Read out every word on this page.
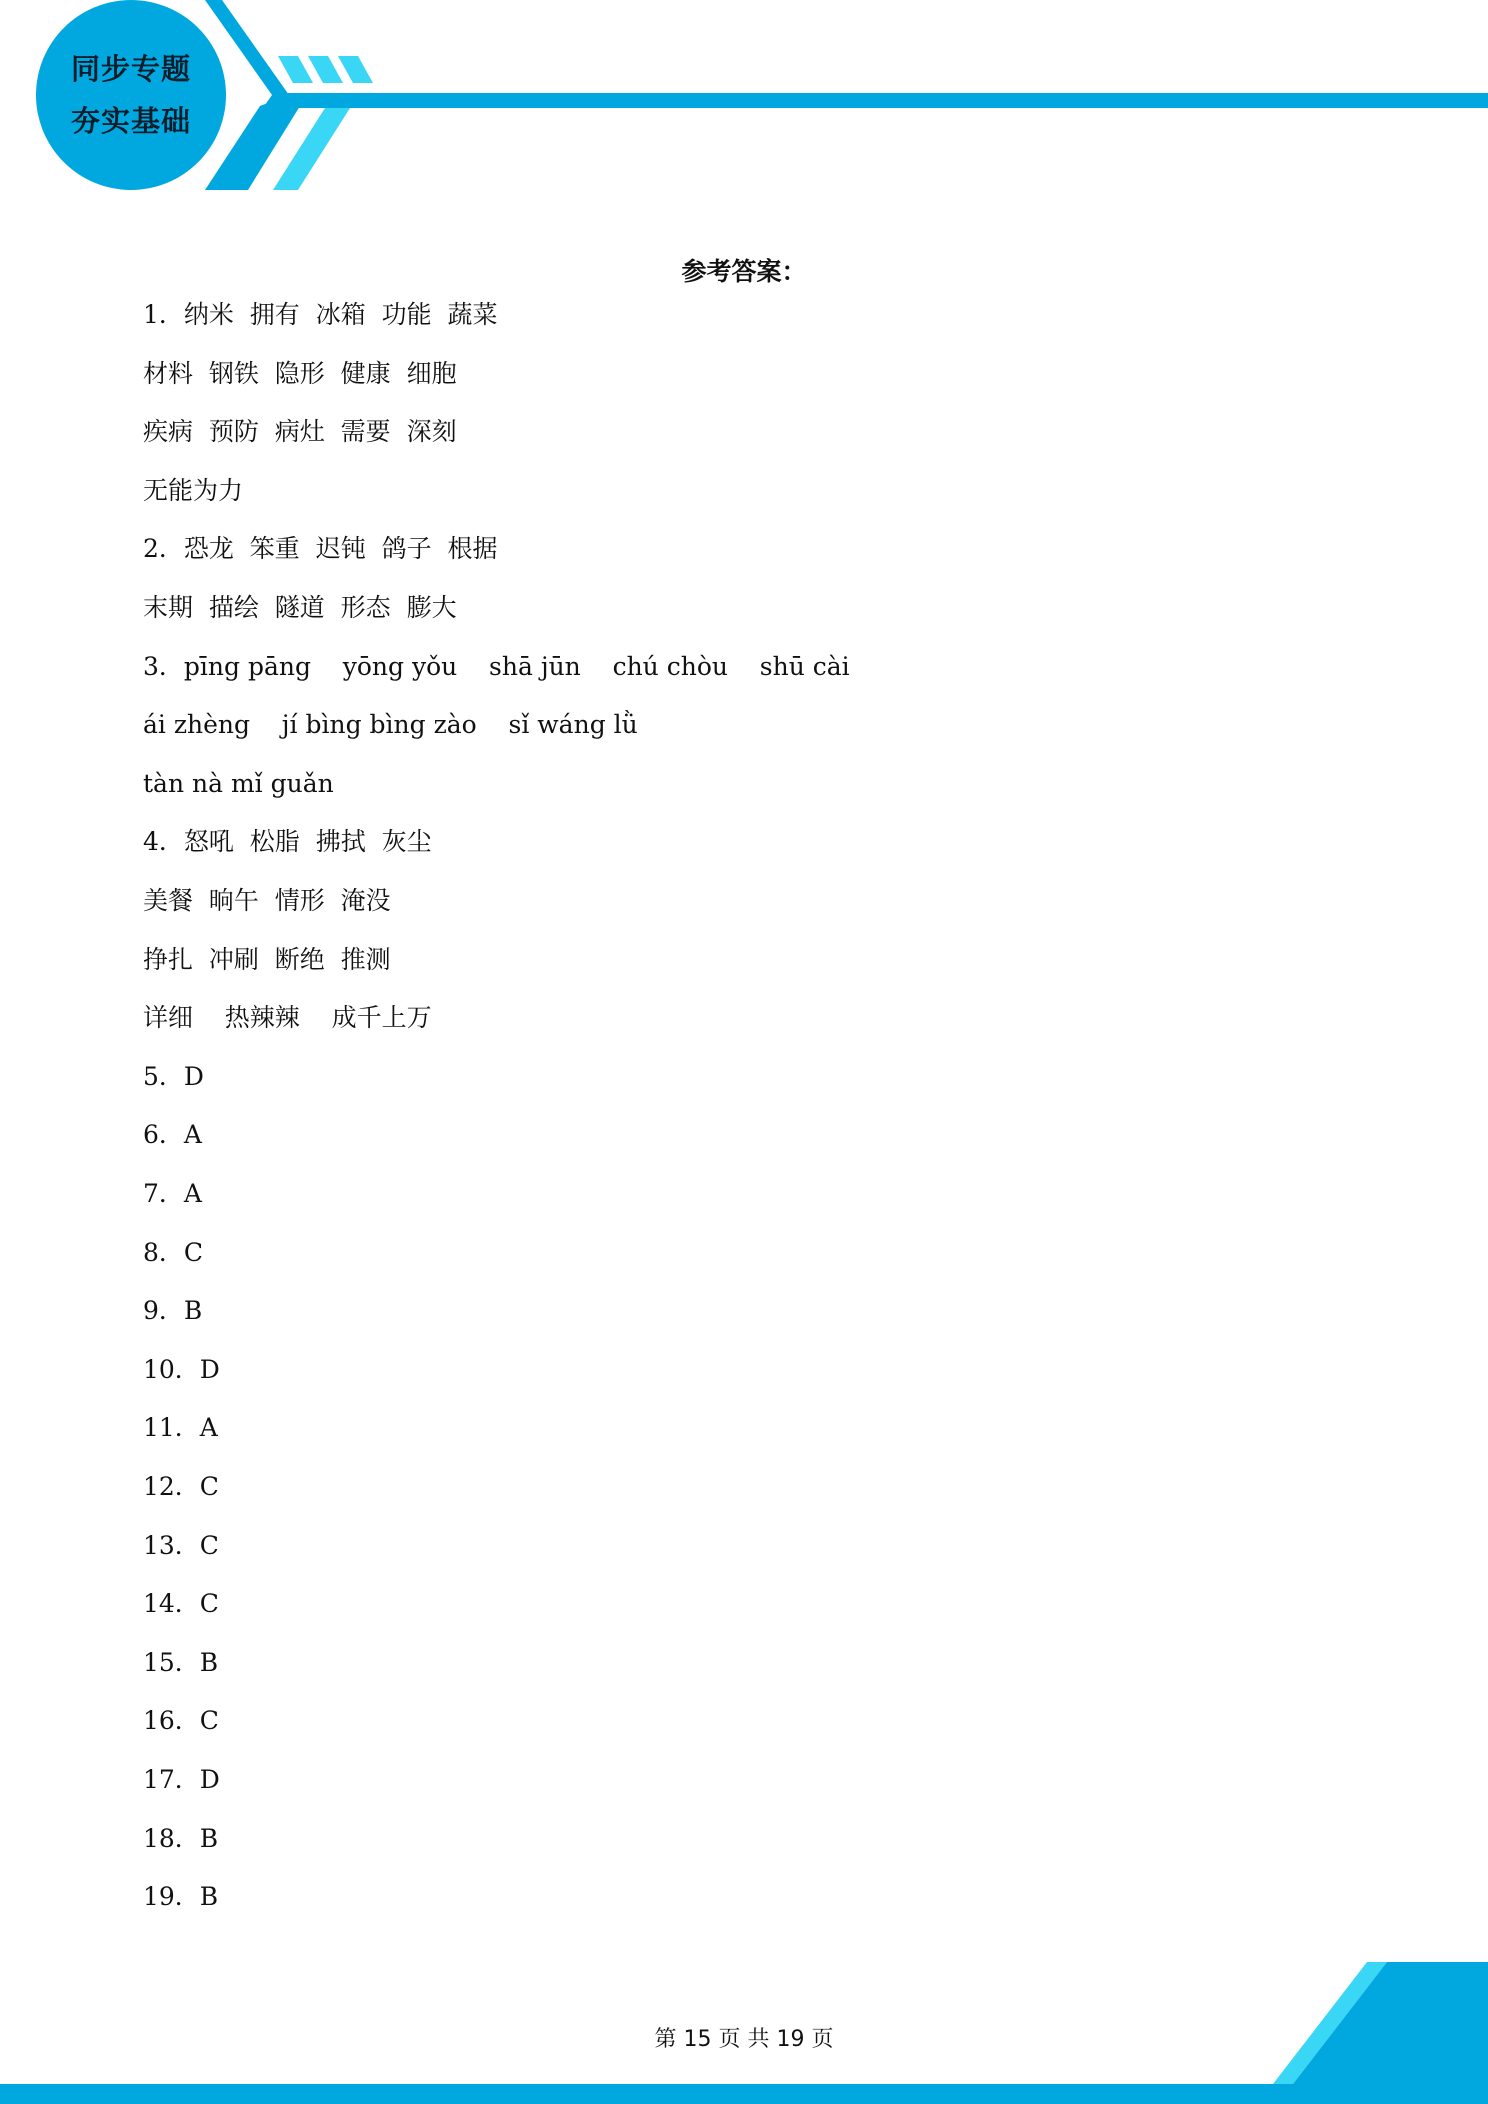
同步专题
夯实基础
参考答案：
1．纳米  拥有  冰箱  功能  蔬菜
材料  钢铁  隐形  健康  细胞
疾病  预防  病灶  需要  深刻
无能为力
2．恐龙  笨重  迟钝  鸽子  根据
末期  描绘  隧道  形态  膨大
3．pīng pāng    yōng yǒu    shā jūn    chú chòu    shū cài
ái zhèng    jí bìng bìng zào    sǐ wáng lǜ
tàn nà mǐ guǎn
4．怒吼  松脂  拂拭  灰尘
美餐  晌午  情形  淹没
挣扎  冲刷  断绝  推测
详细    热辣辣    成千上万
5．D
6．A
7．A
8．C
9．B
10．D
11．A
12．C
13．C
14．C
15．B
16．C
17．D
18．B
19．B
第 15 页 共 19 页
